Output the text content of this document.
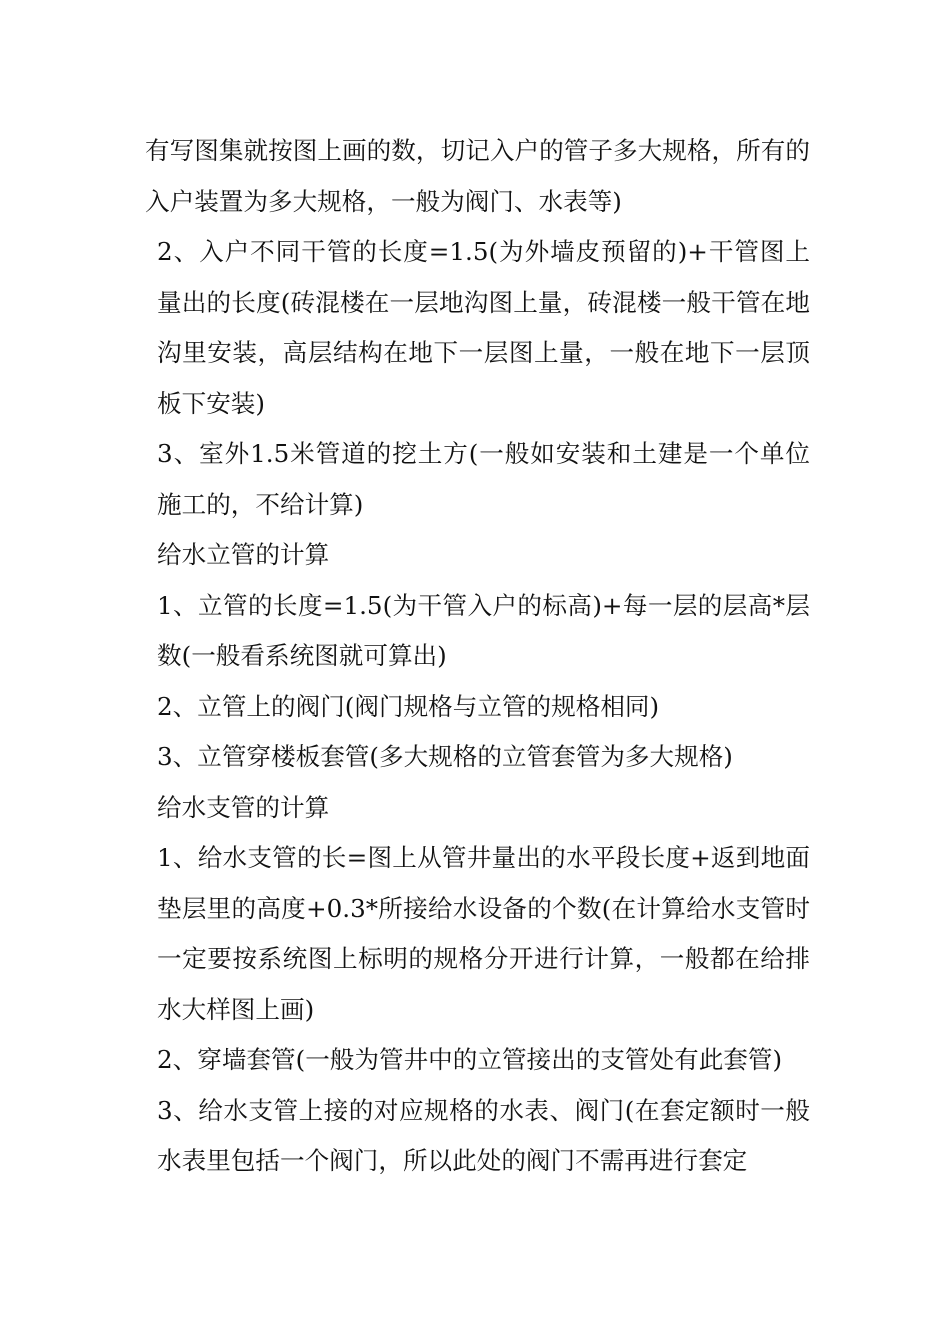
有写图集就按图上画的数，切记入户的管子多大规格，所有的入户装置为多大规格，一般为阀门、水表等)

2、入户不同干管的长度=1.5(为外墙皮预留的)+干管图上量出的长度(砖混楼在一层地沟图上量，砖混楼一般干管在地沟里安装，高层结构在地下一层图上量，一般在地下一层顶板下安装)

3、室外1.5米管道的挖土方(一般如安装和土建是一个单位施工的，不给计算)

给水立管的计算

1、立管的长度=1.5(为干管入户的标高)+每一层的层高*层数(一般看系统图就可算出)

2、立管上的阀门(阀门规格与立管的规格相同)

3、立管穿楼板套管(多大规格的立管套管为多大规格)

给水支管的计算

1、给水支管的长=图上从管井量出的水平段长度+返到地面垫层里的高度+0.3*所接给水设备的个数(在计算给水支管时一定要按系统图上标明的规格分开进行计算，一般都在给排水大样图上画)

2、穿墙套管(一般为管井中的立管接出的支管处有此套管)

3、给水支管上接的对应规格的水表、阀门(在套定额时一般水表里包括一个阀门，所以此处的阀门不需再进行套定
